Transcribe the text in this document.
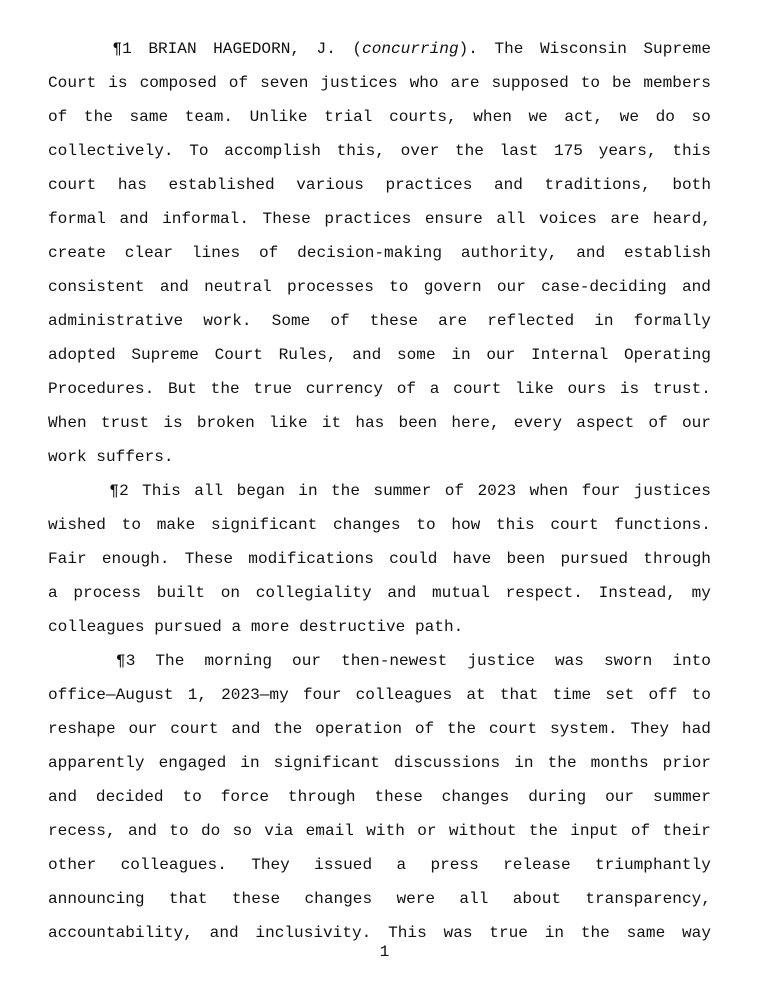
¶1 BRIAN HAGEDORN, J. (concurring). The Wisconsin Supreme
Court is composed of seven justices who are supposed to be members
of the same team. Unlike trial courts, when we act, we do so
collectively. To accomplish this, over the last 175 years, this
court has established various practices and traditions, both
formal and informal. These practices ensure all voices are heard,
create clear lines of decision-making authority, and establish
consistent and neutral processes to govern our case-deciding and
administrative work. Some of these are reflected in formally
adopted Supreme Court Rules, and some in our Internal Operating
Procedures. But the true currency of a court like ours is trust.
When trust is broken like it has been here, every aspect of our
work suffers.
¶2 This all began in the summer of 2023 when four justices
wished to make significant changes to how this court functions.
Fair enough. These modifications could have been pursued through
a process built on collegiality and mutual respect. Instead, my
colleagues pursued a more destructive path.
¶3 The morning our then-newest justice was sworn into
office—August 1, 2023—my four colleagues at that time set off to
reshape our court and the operation of the court system. They had
apparently engaged in significant discussions in the months prior
and decided to force through these changes during our summer
recess, and to do so via email with or without the input of their
other colleagues. They issued a press release triumphantly
announcing that these changes were all about transparency,
accountability, and inclusivity. This was true in the same way
1
